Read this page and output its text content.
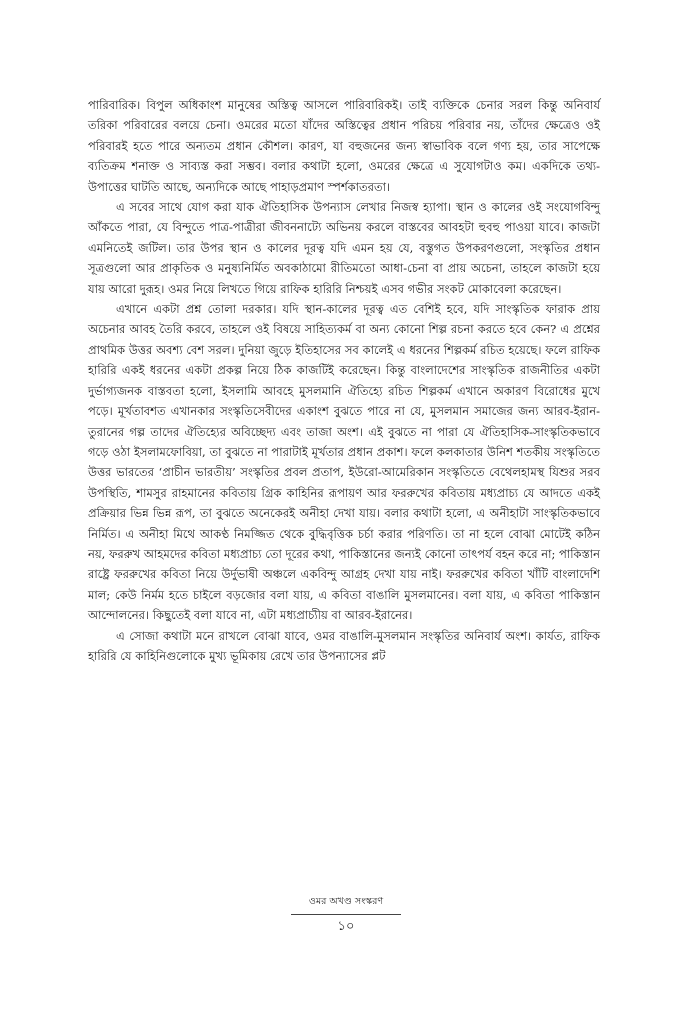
পারিবারিক। বিপুল অধিকাংশ মানুষের অস্তিত্ব আসলে পারিবারিকই। তাই ব্যক্তিকে চেনার সরল কিন্তু অনিবার্য তরিকা পরিবারের বলয়ে চেনা। ওমরের মতো যাঁদের অস্তিত্বের প্রধান পরিচয় পরিবার নয়, তাঁদের ক্ষেত্রেও ওই পরিবারই হতে পারে অন্যতম প্রধান কৌশল। কারণ, যা বহুজনের জন্য স্বাভাবিক বলে গণ্য হয়, তার সাপেক্ষে ব্যতিক্রম শনাক্ত ও সাব্যস্ত করা সম্ভব। বলার কথাটা হলো, ওমরের ক্ষেত্রে এ সুযোগটাও কম। একদিকে তথ্য-উপাত্তের ঘাটতি আছে, অন্যদিকে আছে পাহাড়প্রমাণ স্পর্শকাতরতা।

এ সবের সাথে যোগ করা যাক ঐতিহাসিক উপন্যাস লেখার নিজস্ব হ্যাপা। স্থান ও কালের ওই সংযোগবিন্দু আঁকতে পারা, যে বিন্দুতে পাত্র-পাত্রীরা জীবননাট্যে অভিনয় করলে বাস্তবের আবহটা হুবহু পাওয়া যাবে। কাজটা এমনিতেই জটিল। তার উপর স্থান ও কালের দূরত্ব যদি এমন হয় যে, বস্তুগত উপকরণগুলো, সংস্কৃতির প্রধান সূত্রগুলো আর প্রাকৃতিক ও মনুষ্যনির্মিত অবকাঠামো রীতিমতো আধা-চেনা বা প্রায় অচেনা, তাহলে কাজটা হয়ে যায় আরো দুরূহ। ওমর নিয়ে লিখতে গিয়ে রাফিক হারিরি নিশ্চয়ই এসব গভীর সংকট মোকাবেলা করেছেন।

এখানে একটা প্রশ্ন তোলা দরকার। যদি স্থান-কালের দূরত্ব এত বেশিই হবে, যদি সাংস্কৃতিক ফারাক প্রায় অচেনার আবহ তৈরি করবে, তাহলে ওই বিষয়ে সাহিত্যকর্ম বা অন্য কোনো শিল্প রচনা করতে হবে কেন? এ প্রশ্নের প্রাথমিক উত্তর অবশ্য বেশ সরল। দুনিয়া জুড়ে ইতিহাসের সব কালেই এ ধরনের শিল্পকর্ম রচিত হয়েছে। ফলে রাফিক হারিরি একই ধরনের একটা প্রকল্প নিয়ে ঠিক কাজটিই করেছেন। কিন্তু বাংলাদেশের সাংস্কৃতিক রাজনীতির একটা দুর্ভাগ্যজনক বাস্তবতা হলো, ইসলামি আবহে মুসলমানি ঐতিহ্যে রচিত শিল্পকর্ম এখানে অকারণ বিরোধের মুখে পড়ে। মূর্খতাবশত এখানকার সংস্কৃতিসেবীদের একাংশ বুঝতে পারে না যে, মুসলমান সমাজের জন্য আরব-ইরান-তুরানের গল্প তাদের ঐতিহ্যের অবিচ্ছেদ্য এবং তাজা অংশ। এই বুঝতে না পারা যে ঐতিহাসিক-সাংস্কৃতিকভাবে গড়ে ওঠা ইসলামফোবিয়া, তা বুঝতে না পারাটাই মূর্খতার প্রধান প্রকাশ। ফলে কলকাতার উনিশ শতকীয় সংস্কৃতিতে উত্তর ভারতের ‘প্রাচীন ভারতীয়’ সংস্কৃতির প্রবল প্রতাপ, ইউরো-আমেরিকান সংস্কৃতিতে বেথেলহামস্থ যিশুর সরব উপস্থিতি, শামসুর রাহমানের কবিতায় গ্রিক কাহিনির রূপায়ণ আর ফররুখের কবিতায় মধ্যপ্রাচ্য যে আদতে একই প্রক্রিয়ার ভিন্ন ভিন্ন রূপ, তা বুঝতে অনেকেরই অনীহা দেখা যায়। বলার কথাটা হলো, এ অনীহাটা সাংস্কৃতিকভাবে নির্মিত। এ অনীহা মিথে আকণ্ঠ নিমজ্জিত থেকে বুদ্ধিবৃত্তিক চর্চা করার পরিণতি। তা না হলে বোঝা মোটেই কঠিন নয়, ফররুখ আহমদের কবিতা মধ্যপ্রাচ্য তো দূরের কথা, পাকিস্তানের জন্যই কোনো তাৎপর্য বহন করে না; পাকিস্তান রাষ্ট্রে ফররুখের কবিতা নিয়ে উর্দুভাষী অঞ্চলে একবিন্দু আগ্রহ দেখা যায় নাই। ফররুখের কবিতা খাঁটি বাংলাদেশি মাল; কেউ নির্মম হতে চাইলে বড়জোর বলা যায়, এ কবিতা বাঙালি মুসলমানের। বলা যায়, এ কবিতা পাকিস্তান আন্দোলনের। কিছুতেই বলা যাবে না, এটা মধ্যপ্রাচ্যীয় বা আরব-ইরানের।

এ সোজা কথাটা মনে রাখলে বোঝা যাবে, ওমর বাঙালি-মুসলমান সংস্কৃতির অনিবার্য অংশ। কার্যত, রাফিক হারিরি যে কাহিনিগুলোকে মুখ্য ভূমিকায় রেখে তার উপন্যাসের প্লট

ওমর অখণ্ড সংস্করণ
১০
